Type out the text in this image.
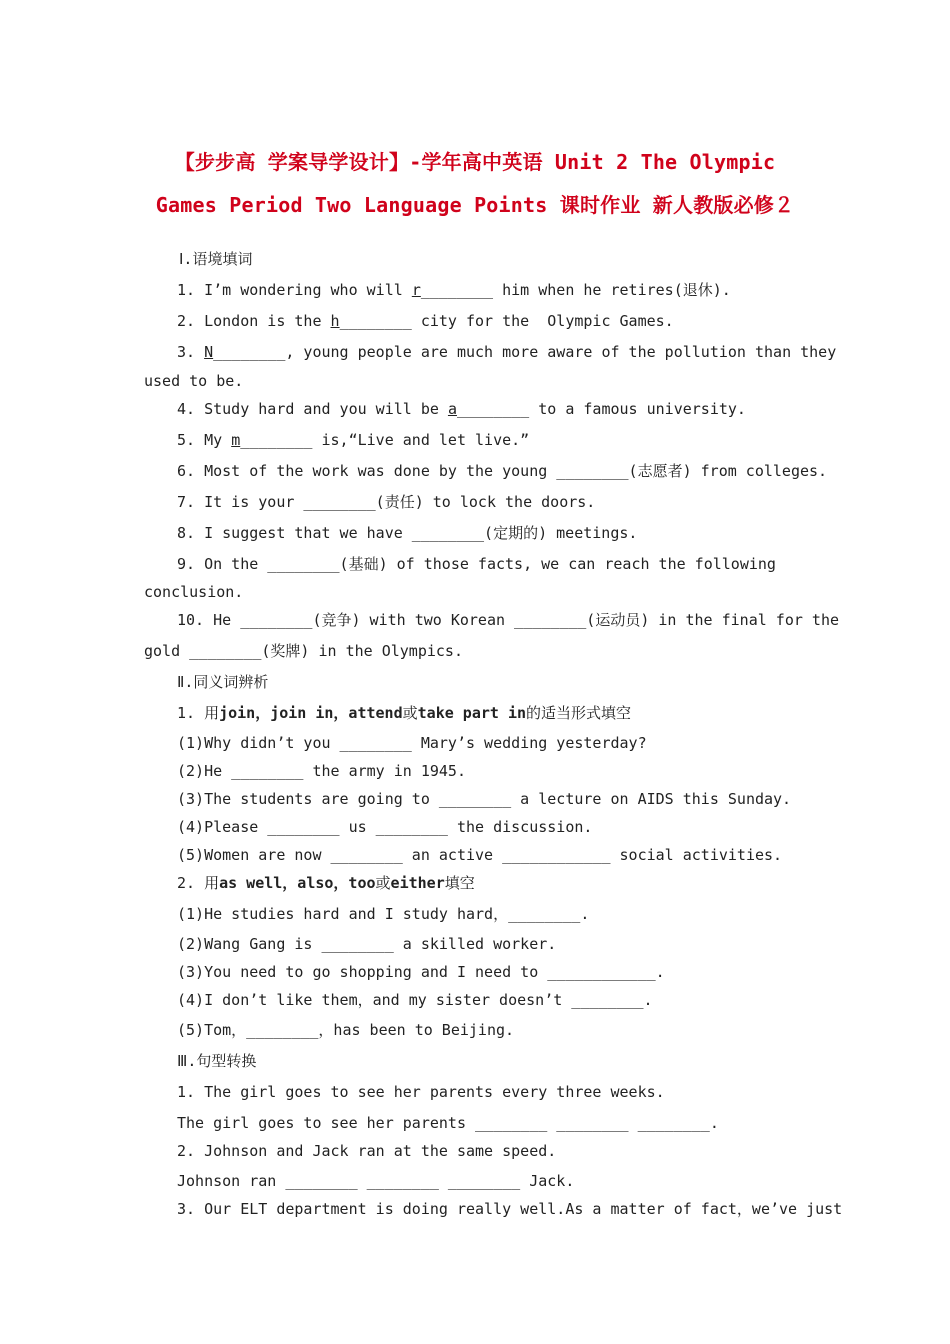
【步步高 学案导学设计】-学年高中英语 Unit 2 The Olympic
Games Period Two Language Points 课时作业 新人教版必修２
Ⅰ.语境填词
1. I’m wondering who will r________ him when he retires(退休).
2. London is the h________ city for the  Olympic Games.
3. N________, young people are much more aware of the pollution than they
used to be.
4. Study hard and you will be a________ to a famous university.
5. My m________ is,“Live and let live.”
6. Most of the work was done by the young ________(志愿者) from colleges.
7. It is your ________(责任) to lock the doors.
8. I suggest that we have ________(定期的) meetings.
9. On the ________(基础) of those facts, we can reach the following
conclusion.
10. He ________(竞争) with two Korean ________(运动员) in the final for the
gold ________(奖牌) in the Olympics.
Ⅱ.同义词辨析
1. 用join，join in，attend或take part in的适当形式填空
(1)Why didn’t you ________ Mary’s wedding yesterday?
(2)He ________ the army in 1945.
(3)The students are going to ________ a lecture on AIDS this Sunday.
(4)Please ________ us ________ the discussion.
(5)Women are now ________ an active ____________ social activities.
2. 用as well，also，too或either填空
(1)He studies hard and I study hard，________.
(2)Wang Gang is ________ a skilled worker.
(3)You need to go shopping and I need to ____________.
(4)I don’t like them，and my sister doesn’t ________.
(5)Tom，________，has been to Beijing.
Ⅲ.句型转换
1. The girl goes to see her parents every three weeks.
The girl goes to see her parents ________ ________ ________.
2. Johnson and Jack ran at the same speed.
Johnson ran ________ ________ ________ Jack.
3. Our ELT department is doing really well.As a matter of fact，we’ve just
